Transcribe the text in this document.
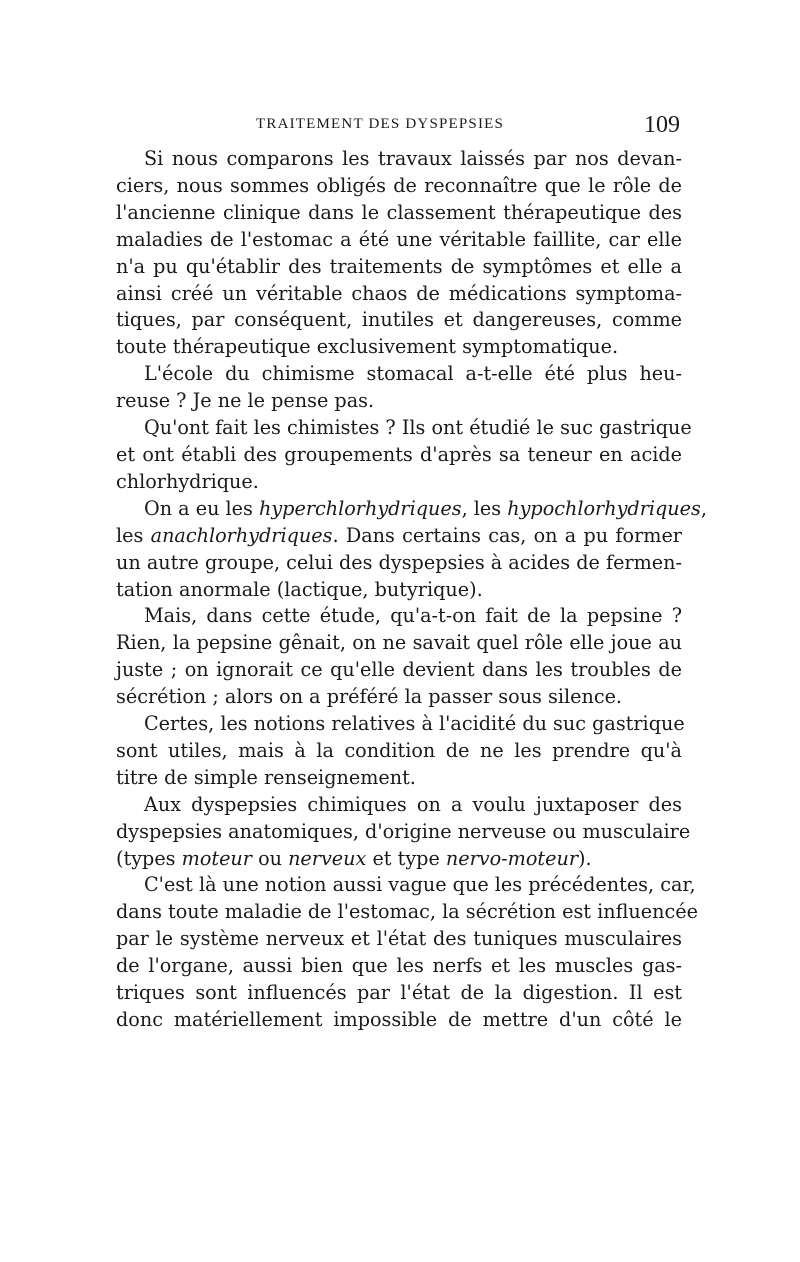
TRAITEMENT DES DYSPEPSIES	109
Si nous comparons les travaux laissés par nos devan-
ciers, nous sommes obligés de reconnaître que le rôle de
l'ancienne clinique dans le classement thérapeutique des
maladies de l'estomac a été une véritable faillite, car elle
n'a pu qu'établir des traitements de symptômes et elle a
ainsi créé un véritable chaos de médications symptoma-
tiques, par conséquent, inutiles et dangereuses, comme
toute thérapeutique exclusivement symptomatique.
L'école du chimisme stomacal a-t-elle été plus heu-
reuse ? Je ne le pense pas.
Qu'ont fait les chimistes ? Ils ont étudié le suc gastrique
et ont établi des groupements d'après sa teneur en acide
chlorhydrique.
On a eu les hyperchlorhydriques, les hypochlorhydriques,
les anachlorhydriques. Dans certains cas, on a pu former
un autre groupe, celui des dyspepsies à acides de fermen-
tation anormale (lactique, butyrique).
Mais, dans cette étude, qu'a-t-on fait de la pepsine ?
Rien, la pepsine gênait, on ne savait quel rôle elle joue au
juste ; on ignorait ce qu'elle devient dans les troubles de
sécrétion ; alors on a préféré la passer sous silence.
Certes, les notions relatives à l'acidité du suc gastrique
sont utiles, mais à la condition de ne les prendre qu'à
titre de simple renseignement.
Aux dyspepsies chimiques on a voulu juxtaposer des
dyspepsies anatomiques, d'origine nerveuse ou musculaire
(types moteur ou nerveux et type nervo-moteur).
C'est là une notion aussi vague que les précédentes, car,
dans toute maladie de l'estomac, la sécrétion est influencée
par le système nerveux et l'état des tuniques musculaires
de l'organe, aussi bien que les nerfs et les muscles gas-
triques sont influencés par l'état de la digestion. Il est
donc matériellement impossible de mettre d'un côté le
